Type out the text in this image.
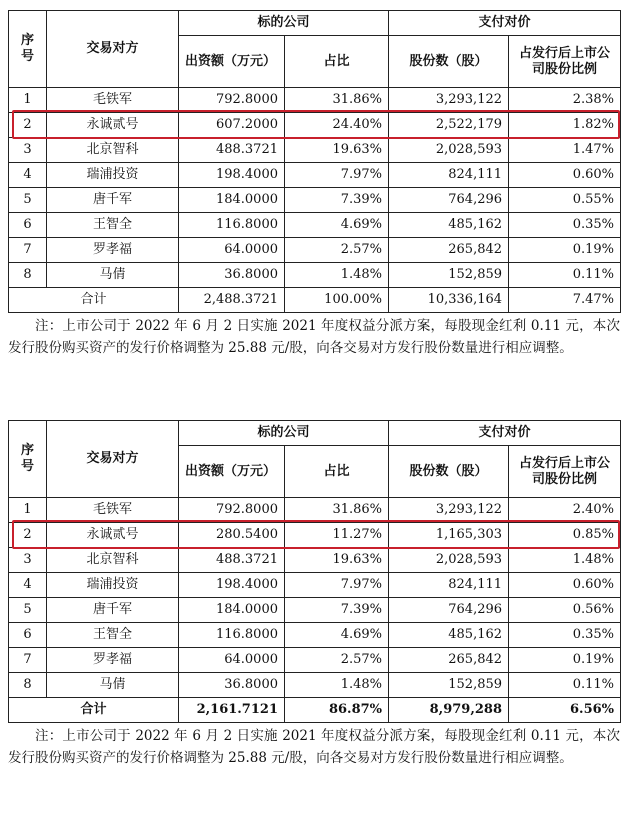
序号	交易对方	标的公司		支付对价	
		出资额（万元）	占比	股份数（股）	占发行后上市公司股份比例
1	毛铁军	792.8000	31.86%	3,293,122	2.38%
2	永诚贰号	607.2000	24.40%	2,522,179	1.82%
3	北京智科	488.3721	19.63%	2,028,593	1.47%
4	瑞浦投资	198.4000	7.97%	824,111	0.60%
5	唐千军	184.0000	7.39%	764,296	0.55%
6	王智全	116.8000	4.69%	485,162	0.35%
7	罗孝福	64.0000	2.57%	265,842	0.19%
8	马倩	36.8000	1.48%	152,859	0.11%
合计		2,488.3721	100.00%	10,336,164	7.47%

注：上市公司于 2022 年 6 月 2 日实施 2021 年度权益分派方案，每股现金红利 0.11 元，本次发行股份购买资产的发行价格调整为 25.88 元/股，向各交易对方发行股份数量进行相应调整。

序号	交易对方	标的公司		支付对价	
		出资额（万元）	占比	股份数（股）	占发行后上市公司股份比例
1	毛铁军	792.8000	31.86%	3,293,122	2.40%
2	永诚贰号	280.5400	11.27%	1,165,303	0.85%
3	北京智科	488.3721	19.63%	2,028,593	1.48%
4	瑞浦投资	198.4000	7.97%	824,111	0.60%
5	唐千军	184.0000	7.39%	764,296	0.56%
6	王智全	116.8000	4.69%	485,162	0.35%
7	罗孝福	64.0000	2.57%	265,842	0.19%
8	马倩	36.8000	1.48%	152,859	0.11%
合计		2,161.7121	86.87%	8,979,288	6.56%

注：上市公司于 2022 年 6 月 2 日实施 2021 年度权益分派方案，每股现金红利 0.11 元，本次发行股份购买资产的发行价格调整为 25.88 元/股，向各交易对方发行股份数量进行相应调整。
